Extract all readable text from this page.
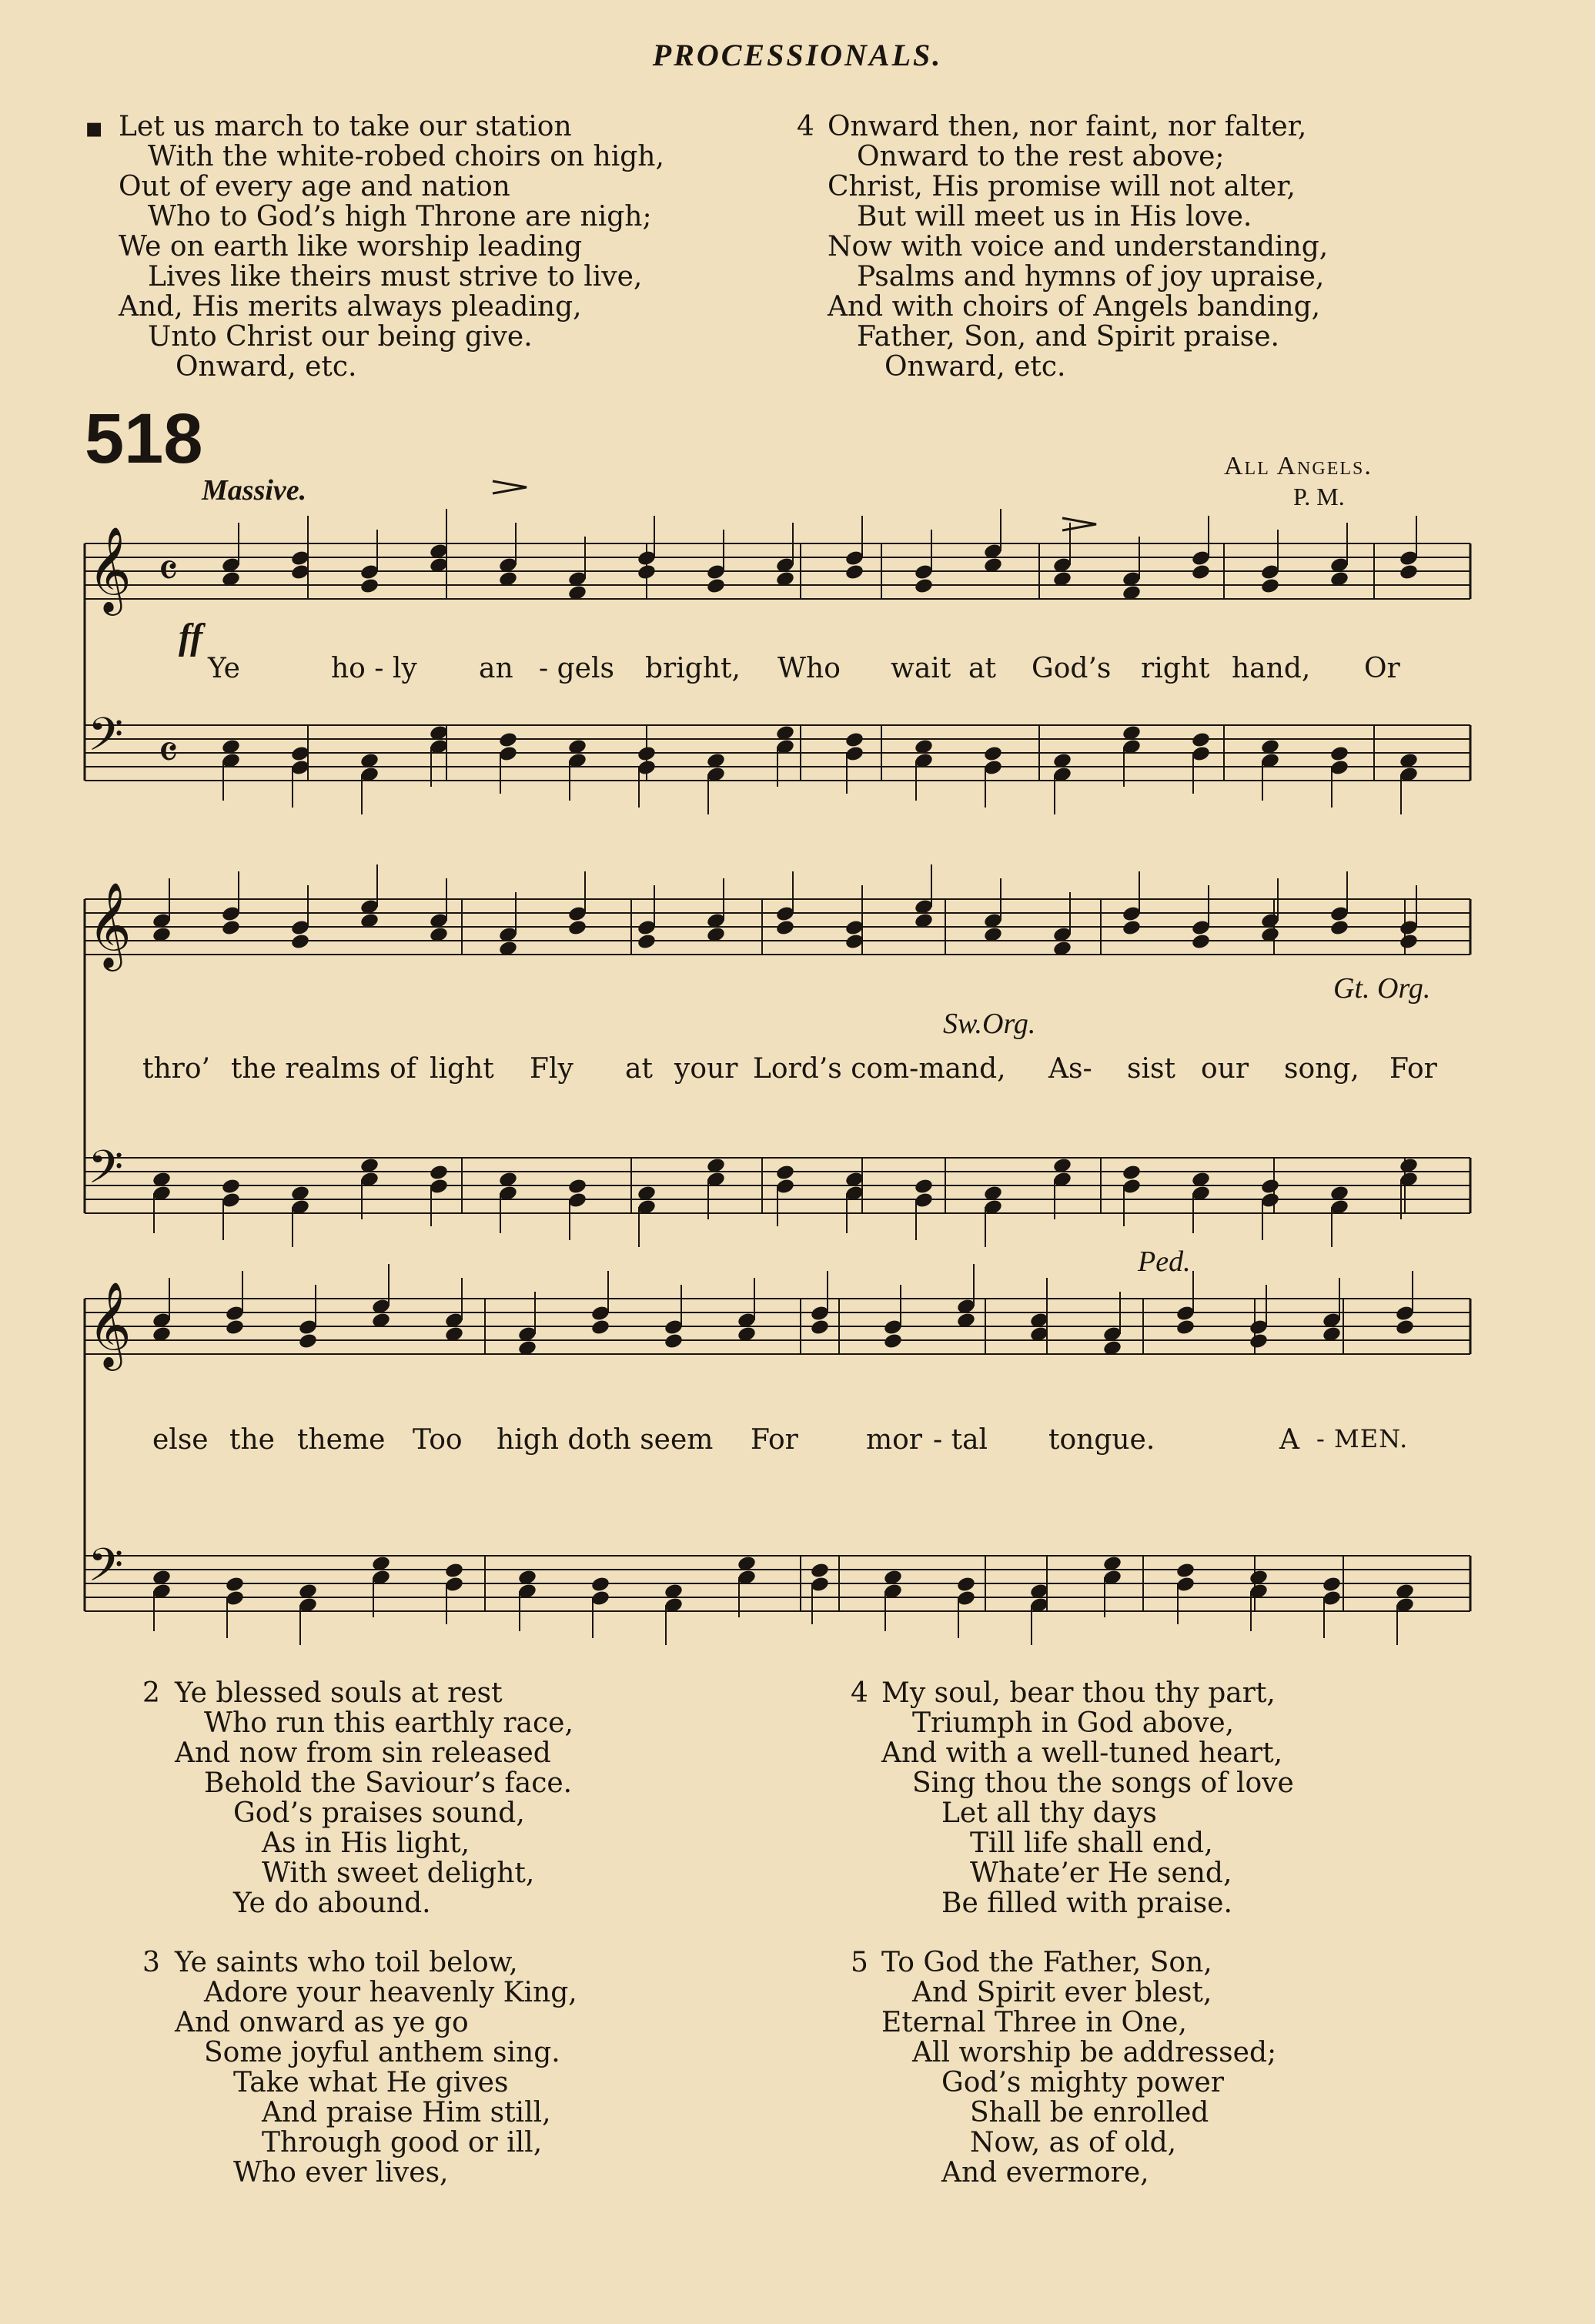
PROCESSIONALS.
▪ Let us march to take our station
With the white-robed choirs on high,
Out of every age and nation
Who to God’s high Throne are nigh;
We on earth like worship leading
Lives like theirs must strive to live,
And, His merits always pleading,
Unto Christ our being give.
Onward, etc.
4 Onward then, nor faint, nor falter,
Onward to the rest above;
Christ, His promise will not alter,
But will meet us in His love.
Now with voice and understanding,
Psalms and hymns of joy upraise,
And with choirs of Angels banding,
Father, Son, and Spirit praise.
Onward, etc.
518
Massive.
All Angels.
P. M.
𝄞 𝄴
𝄢 𝄴
𝄞
𝄢
𝄞
𝄢
ff
Ye	ho - ly an - gels bright, Who wait at God’s right hand, Or
thro’ the realms of light Fly at your Lord’s com-mand, As- sist our song, For
else the theme Too high doth seem For mor - tal tongue.	A - MEN.
Sw.Org.
Gt. Org.
Ped.
2 Ye blessed souls at rest
Who run this earthly race,
And now from sin released
Behold the Saviour’s face.
God’s praises sound,
As in His light,
With sweet delight,
Ye do abound.
3 Ye saints who toil below,
Adore your heavenly King,
And onward as ye go
Some joyful anthem sing.
Take what He gives
And praise Him still,
Through good or ill,
Who ever lives,
4 My soul, bear thou thy part,
Triumph in God above,
And with a well-tuned heart,
Sing thou the songs of love
Let all thy days
Till life shall end,
Whate’er He send,
Be filled with praise.
5 To God the Father, Son,
And Spirit ever blest,
Eternal Three in One,
All worship be addressed;
God’s mighty power
Shall be enrolled
Now, as of old,
And evermore,
